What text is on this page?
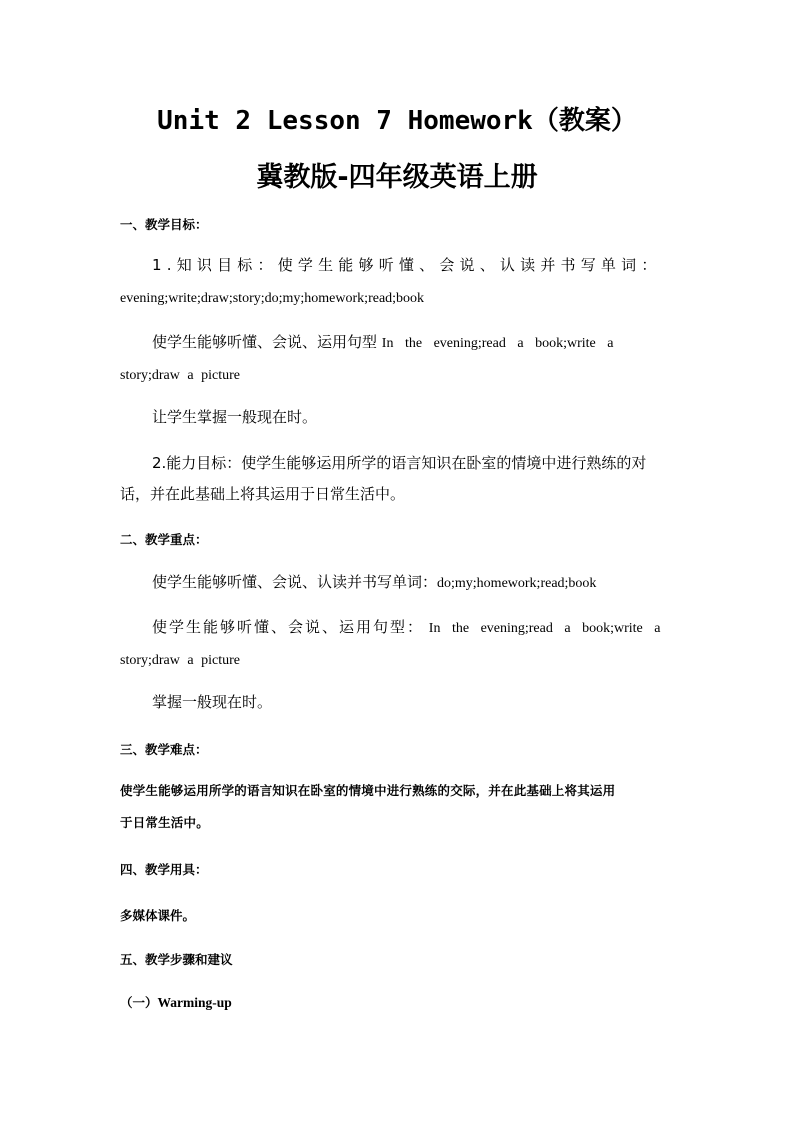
Unit 2 Lesson 7 Homework（教案）
冀教版-四年级英语上册
一、教学目标：
1.知识目标：使学生能够听懂、会说、认读并书写单词：
evening;write;draw;story;do;my;homework;read;book
使学生能够听懂、会说、运用句型 In the evening;read a book;write a
story;draw a picture
让学生掌握一般现在时。
2.能力目标：使学生能够运用所学的语言知识在卧室的情境中进行熟练的对
话，并在此基础上将其运用于日常生活中。
二、教学重点：
使学生能够听懂、会说、认读并书写单词：do;my;homework;read;book
使学生能够听懂、会说、运用句型： In the evening;read a book;write a
story;draw a picture
掌握一般现在时。
三、教学难点：
使学生能够运用所学的语言知识在卧室的情境中进行熟练的交际，并在此基础上将其运用
于日常生活中。
四、教学用具：
多媒体课件。
五、教学步骤和建议
（一）Warming-up
